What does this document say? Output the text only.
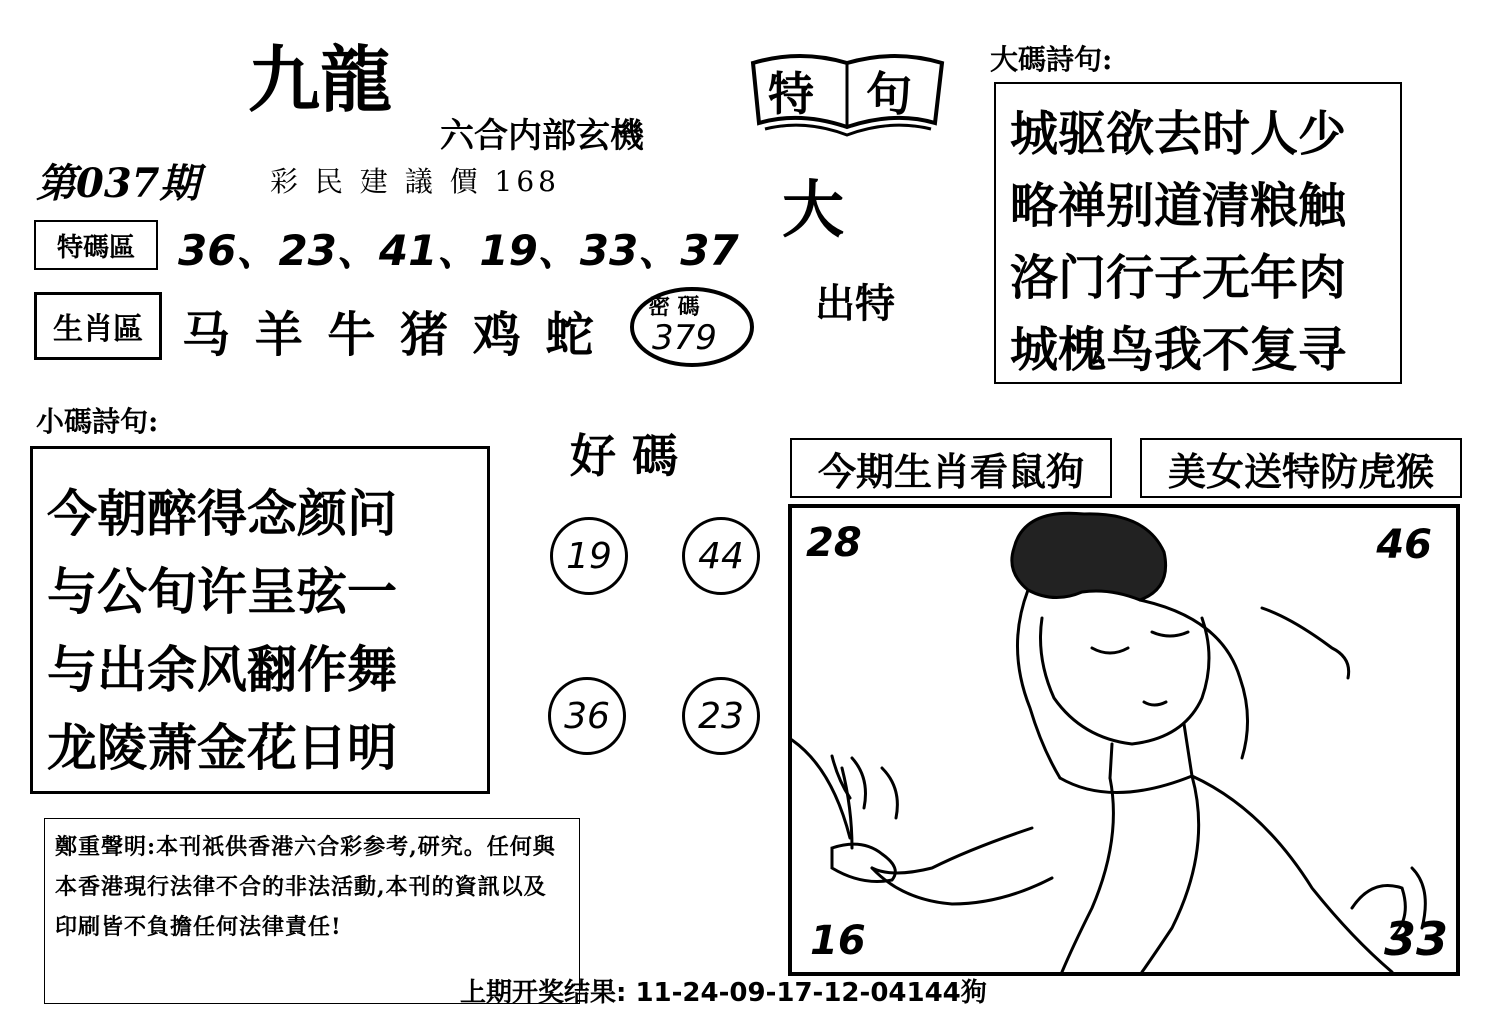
九龍
六合内部玄機
第037期	彩 民 建 議 價 168
特 句
大
出特
特碼區 36、23、41、19、33、37
生肖區 马 羊 牛 猪 鸡 蛇 密 碼
379
大碼詩句:
城驱欲去时人少
略禅别道清粮触
洛门行子无年肉
城槐鸟我不复寻
小碼詩句:
今朝醉得念颜问
与公旬许呈弦一
与出余风翻作舞
龙陵萧金花日明
好 碼
19	44
36	23
今期生肖看鼠狗 美女送特防虎猴
28	46
16	33
鄭重聲明:本刊祇供香港六合彩参考,研究。任何與本香港現行法律不合的非法活動,本刊的資訊以及印刷皆不負擔任何法律責任!
上期开奖结果: 11-24-09-17-12-04144狗
